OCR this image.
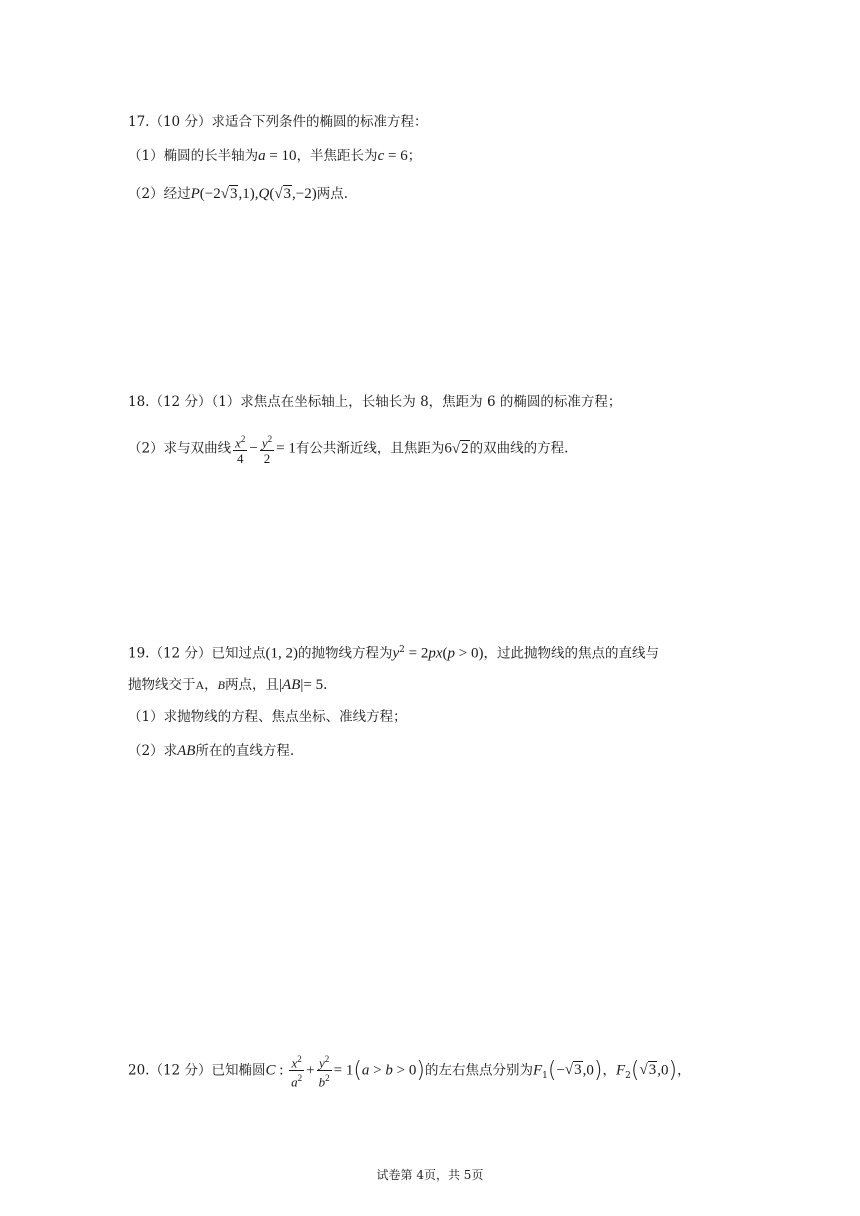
17.（10 分）求适合下列条件的椭圆的标准方程：
（1）椭圆的长半轴为a = 10，半焦距长为c = 6；
（2）经过P(−2√3,1),Q(√3,−2)两点.
18.（12 分）（1）求焦点在坐标轴上，长轴长为 8，焦距为 6 的椭圆的标准方程；
（2）求与双曲线 $\frac{x^2}{4} - \frac{y^2}{2} = 1$有公共渐近线，且焦距为6√2的双曲线的方程.
19.（12 分）已知过点(1, 2)的抛物线方程为$y^2 = 2px(p > 0)$，过此抛物线的焦点的直线与
抛物线交于A，B两点，且|AB|= 5.
（1）求抛物线的方程、焦点坐标、准线方程；
（2）求AB所在的直线方程.
20.（12 分）已知椭圆C : $\frac{x^2}{a^2} + \frac{y^2}{b^2} = 1(a > b > 0)$的左右焦点分别为$F_1(-√3,0)$，$F_2(√3,0)$，
试卷第 4页，共 5页
